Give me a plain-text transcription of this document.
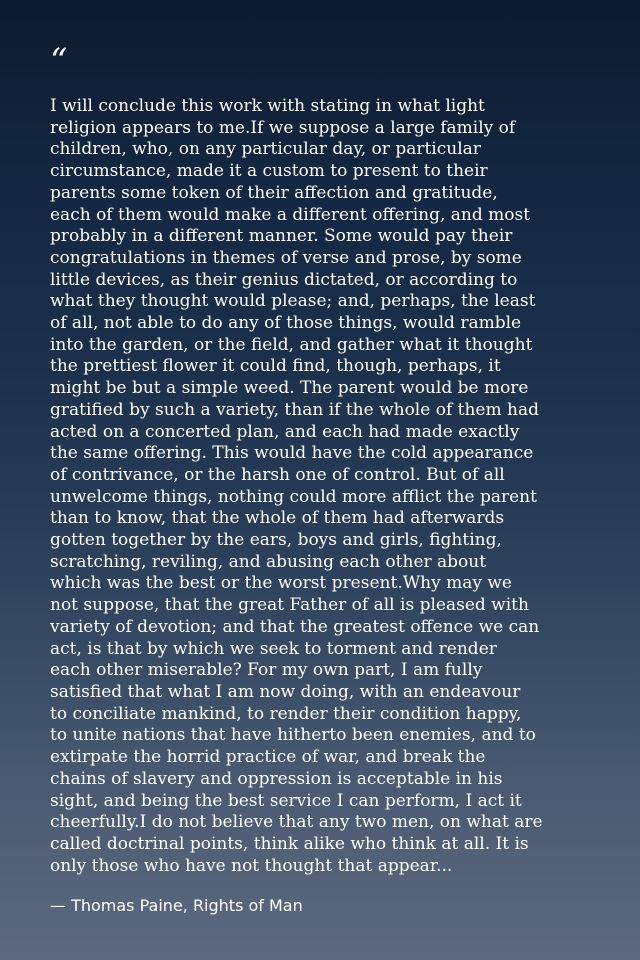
“
I will conclude this work with stating in what light
religion appears to me.If we suppose a large family of
children, who, on any particular day, or particular
circumstance, made it a custom to present to their
parents some token of their affection and gratitude,
each of them would make a different offering, and most
probably in a different manner. Some would pay their
congratulations in themes of verse and prose, by some
little devices, as their genius dictated, or according to
what they thought would please; and, perhaps, the least
of all, not able to do any of those things, would ramble
into the garden, or the field, and gather what it thought
the prettiest flower it could find, though, perhaps, it
might be but a simple weed. The parent would be more
gratified by such a variety, than if the whole of them had
acted on a concerted plan, and each had made exactly
the same offering. This would have the cold appearance
of contrivance, or the harsh one of control. But of all
unwelcome things, nothing could more afflict the parent
than to know, that the whole of them had afterwards
gotten together by the ears, boys and girls, fighting,
scratching, reviling, and abusing each other about
which was the best or the worst present.Why may we
not suppose, that the great Father of all is pleased with
variety of devotion; and that the greatest offence we can
act, is that by which we seek to torment and render
each other miserable? For my own part, I am fully
satisfied that what I am now doing, with an endeavour
to conciliate mankind, to render their condition happy,
to unite nations that have hitherto been enemies, and to
extirpate the horrid practice of war, and break the
chains of slavery and oppression is acceptable in his
sight, and being the best service I can perform, I act it
cheerfully.I do not believe that any two men, on what are
called doctrinal points, think alike who think at all. It is
only those who have not thought that appear...
— Thomas Paine, Rights of Man
